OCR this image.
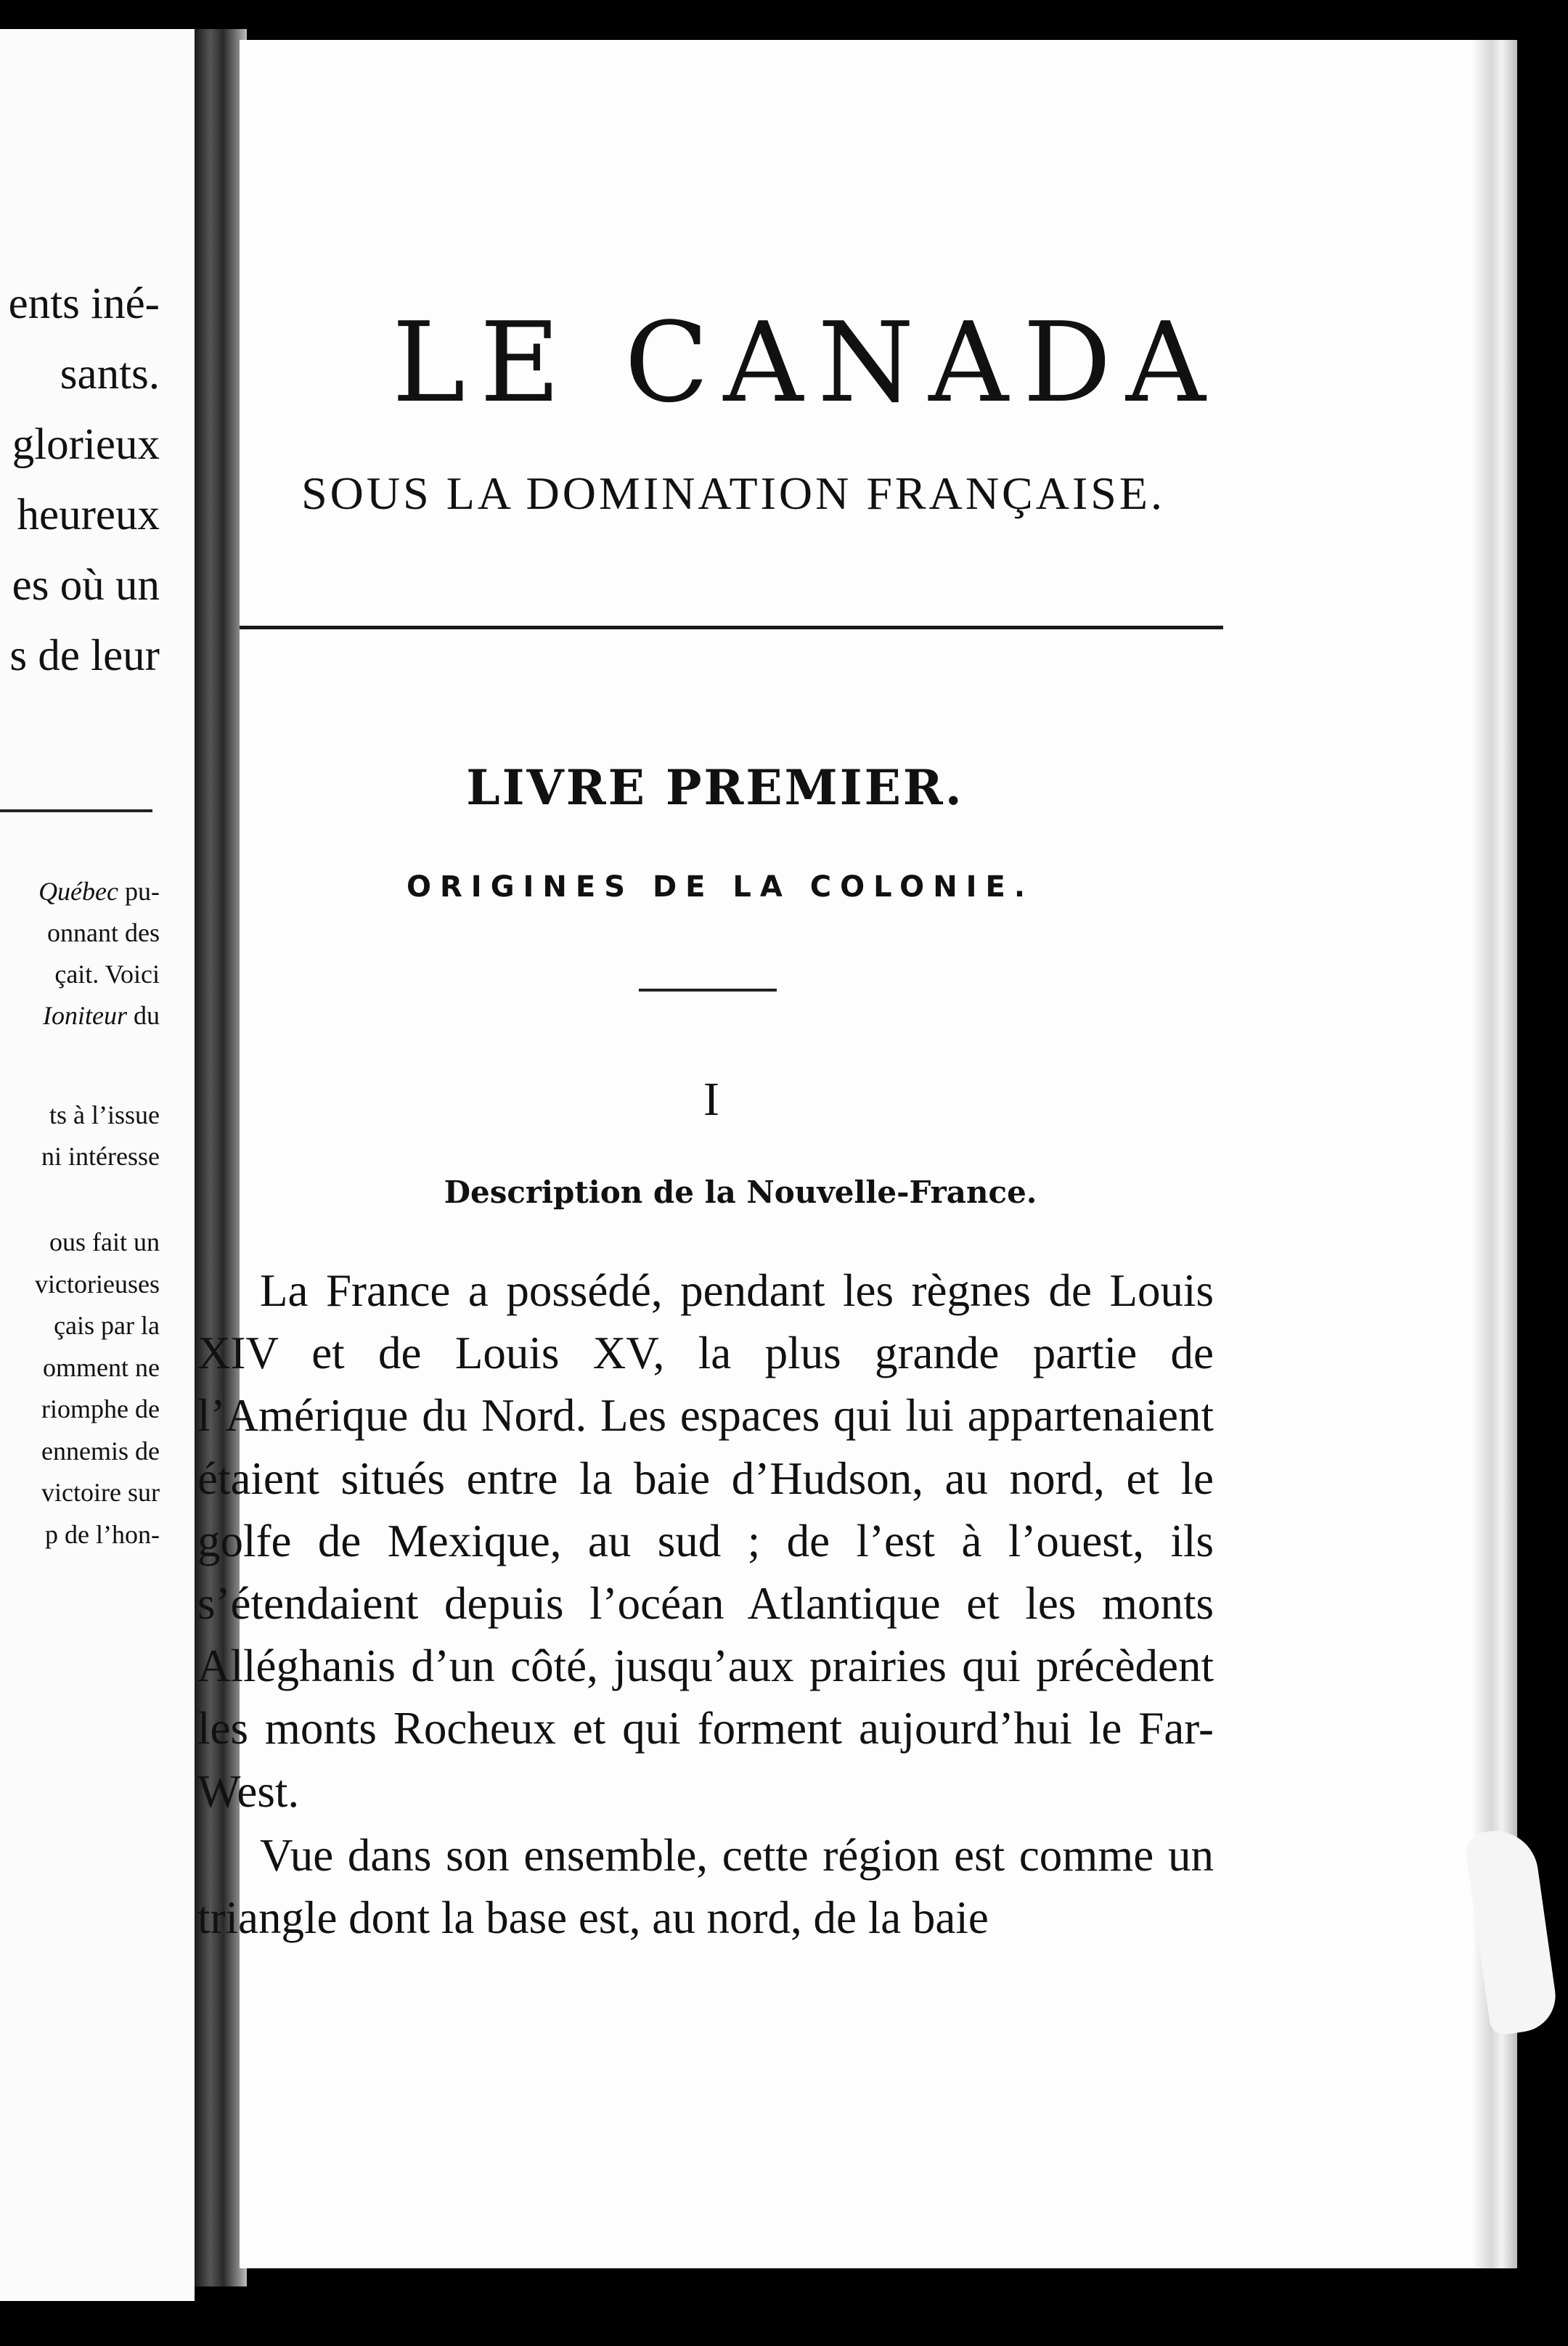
ents iné-
sants.
glorieux
heureux
es où un
s de leur
Québec pu-
onnant des
çait. Voici
Ioniteur du
ts à l’issue
ni intéresse
ous fait un
victorieuses
çais par la
omment ne
riomphe de
ennemis de
victoire sur
p de l’hon-
LE CANADA
SOUS LA DOMINATION FRANÇAISE.
LIVRE PREMIER.
ORIGINES DE LA COLONIE.
I
Description de la Nouvelle-France.

La France a possédé, pendant les règnes de Louis XIV et de Louis XV, la plus grande partie de l’Amérique du Nord. Les espaces qui lui appartenaient étaient situés entre la baie d’Hudson, au nord, et le golfe de Mexique, au sud ; de l’est à l’ouest, ils s’étendaient depuis l’océan Atlantique et les monts Alléghanis d’un côté, jusqu’aux prairies qui précèdent les monts Rocheux et qui forment aujourd’hui le Far-West.

Vue dans son ensemble, cette région est comme un triangle dont la base est, au nord, de la baie
